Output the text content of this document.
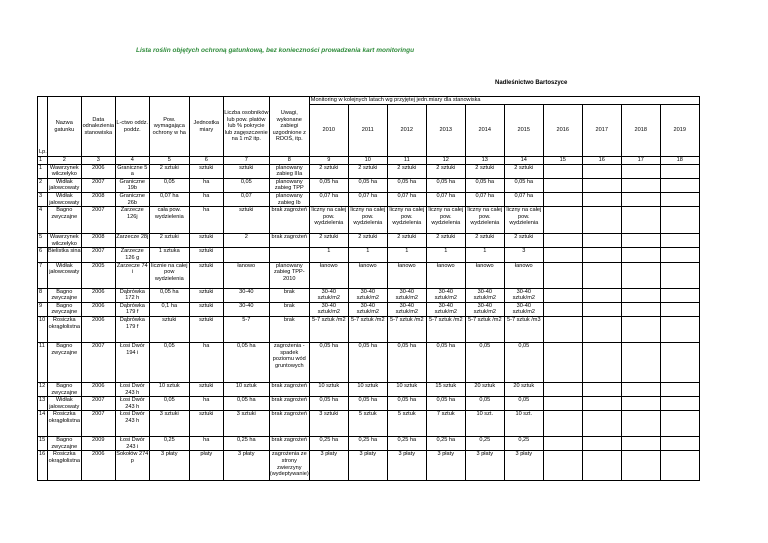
Lista roślin objętych ochroną gatunkową, bez konieczności prowadzenia kart monitoringu
Nadleśnictwo Bartoszyce
Lp.	Nazwa gatunku	Data odnalezienia stanowiska	L-ctwo oddz. poddz.	Pow. wymagająca ochrony w ha	Jednostka miary	Liczba osobników lub pow. płatów lub % pokrycie lub zagęszczenie na 1 m2 itp.	Uwagi, wykonane zabiegi uzgodnione z RDOŚ, itp.	Monitoring w kolejnych latach wg przyjętej jedn.miary dla stanowiska									
								2010	2011	2012	2013	2014	2015	2016	2017	2018	2019
1	2	3	4	5	6	7	8	9	10	11	12	13	14	15	16	17	18
1	Wawrzynek wilczełyko	2006	Graniczne 5 a	2 sztuki	sztuki	sztuki	planowany zabieg IIIa	2 sztuki	2 sztuki	2 sztuki	2 sztuki	2 sztuki	2 sztuki				
2	Widłak jałowcowaty	2007	Graniczne 19b	0,05	ha	0,05	planowany zabieg TPP	0,05 ha	0,05 ha	0,05 ha	0,05 ha	0,05 ha	0,05 ha				
3	Widłak jałowcowaty	2008	Graniczne 26b	0,07 ha	ha	0,07	planowany zabieg Ib	0,07 ha	0,07 ha	0,07 ha	0,07 ha	0,07 ha	0,07 ha				
4	Bagno zwyczajne	2007	Zarzecze 126j	cała pow. wydzielenia	ha	sztuki	brak zagrożeń	liczny na całej pow. wydzielenia	liczny na całej pow. wydzielenia	liczny na całej pow. wydzielenia	liczny na całej pow. wydzielenia	liczny na całej pow. wydzielenia	liczny na całej pow. wydzielenia				
5	Wawrzynek wilczełyko	2008	Zarzecze 28j	2 sztuki	sztuki	2	brak zagrożeń	2 sztuki	2 sztuki	2 sztuki	2 sztuki	2 sztuki	2 sztuki				
6	Bielistka sina	2007	Zarzecze 126 g	1 sztuka	sztuki			1	1	1	1	1	3				
7	Widłak jałowcowaty	2005	Zarzecze 74 i	licznie na całej pow wydzielenia	sztuki	łanowo	planowany zabieg TPP-2010	łanowo	łanowo	łanowo	łanowo	łanowo	łanowo				
8	Bagno zwyczajne	2006	Dąbrówka 172 h	0,05 ha	sztuki	30-40	brak	30-40 sztuk/m2	30-40 sztuk/m2	30-40 sztuk/m2	30-40 sztuk/m2	30-40 sztuk/m2	30-40 sztuk/m2				
9	Bagno zwyczajne	2006	Dąbrówka 179 f	0,1 ha	sztuki	30-40	brak	30-40 sztuk/m2	30-40 sztuk/m2	30-40 sztuk/m2	30-40 sztuk/m2	30-40 sztuk/m2	30-40 sztuk/m2				
10	Rosiczka okrągłolistna	2006	Dąbrówka 179 f	sztuki	sztuki	5-7	brak	5-7 sztuk /m2	5-7 sztuk /m2	5-7 sztuk /m2	5-7 sztuk /m2	5-7 sztuk /m2	5-7 sztuk /m3				
11	Bagno zwyczajne	2007	Łosi Dwór 194 i	0,05	ha	0,05 ha	zagrożenia - spadek poziomu wód gruntowych	0,05 ha	0,05 ha	0,05 ha	0,05 ha	0,05	0,05				
12	Bagno zwyczajne	2006	Łosi Dwór 243 h	10 sztuk	sztuki	10 sztuk	brak zagrożeń	10 sztuk	10 sztuk	10 sztuk	15 sztuk	20 sztuk	20 sztuk				
13	Widłak jałowcowaty	2007	Łosi Dwór 243 h	0,05	ha	0,05 ha	brak zagrożeń	0,05 ha	0,05 ha	0,05 ha	0,05 ha	0,05	0,05				
14	Rosiczka okrągłolistna	2007	Łosi Dwór 243 h	3 sztuki	sztuki	3 sztuki	brak zagrożeń	3 sztuki	5 sztuk	5 sztuk	7 sztuk	10 szt.	10 szt.				
15	Bagno zwyczajne	2009	Łosi Dwór 243 i	0,25	ha	0,25 ha	brak zagrożeń	0,25 ha	0,25 ha	0,25 ha	0,25 ha	0,25	0,25				
16	Rosiczka okrągłolistna	2006	Sokołów 274 p	3 płaty	płaty	3 płaty	zagrożenia ze strony zwierzyny (wydeptywanie)	3 płaty	3 płaty	3 płaty	3 płaty	3 płaty	3 płaty				
